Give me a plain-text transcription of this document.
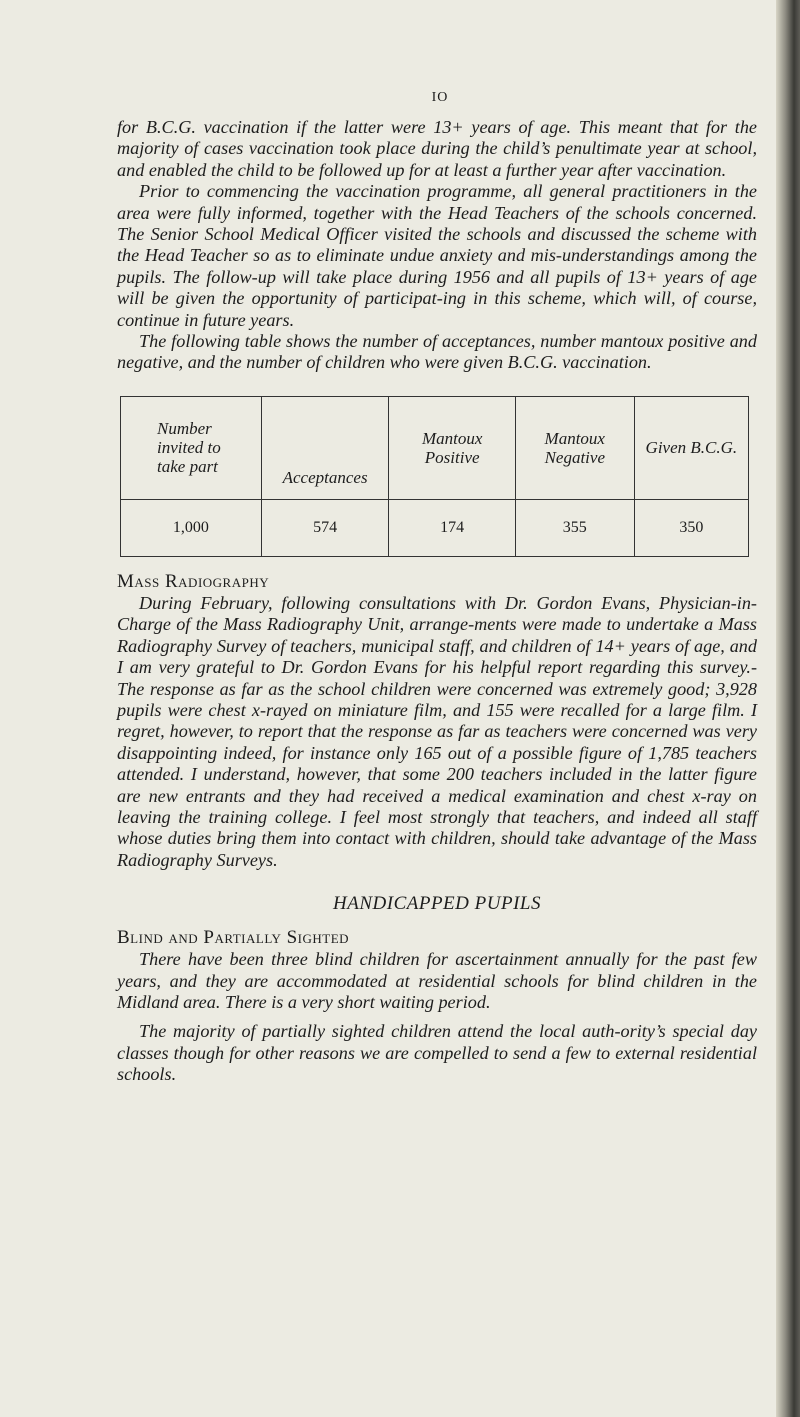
IO

for B.C.G. vaccination if the latter were 13+ years of age. This meant that for the majority of cases vaccination took place during the child’s penultimate year at school, and enabled the child to be followed up for at least a further year after vaccination.

Prior to commencing the vaccination programme, all general practitioners in the area were fully informed, together with the Head Teachers of the schools concerned. The Senior School Medical Officer visited the schools and discussed the scheme with the Head Teacher so as to eliminate undue anxiety and mis-understandings among the pupils. The follow-up will take place during 1956 and all pupils of 13+ years of age will be given the opportunity of participat-ing in this scheme, which will, of course, continue in future years.

The following table shows the number of acceptances, number mantoux positive and negative, and the number of children who were given B.C.G. vaccination.

Number invited to take part	Acceptances	Mantoux Positive	Mantoux Negative	Given B.C.G.
1,000	574	174	355	350
Mass Radiography

During February, following consultations with Dr. Gordon Evans, Physician-in-Charge of the Mass Radiography Unit, arrange-ments were made to undertake a Mass Radiography Survey of teachers, municipal staff, and children of 14+ years of age, and I am very grateful to Dr. Gordon Evans for his helpful report regarding this survey.- The response as far as the school children were concerned was extremely good; 3,928 pupils were chest x-rayed on miniature film, and 155 were recalled for a large film. I regret, however, to report that the response as far as teachers were concerned was very disappointing indeed, for instance only 165 out of a possible figure of 1,785 teachers attended. I understand, however, that some 200 teachers included in the latter figure are new entrants and they had received a medical examination and chest x-ray on leaving the training college. I feel most strongly that teachers, and indeed all staff whose duties bring them into contact with children, should take advantage of the Mass Radiography Surveys.

HANDICAPPED PUPILS
Blind and Partially Sighted

There have been three blind children for ascertainment annually for the past few years, and they are accommodated at residential schools for blind children in the Midland area. There is a very short waiting period.

The majority of partially sighted children attend the local auth-ority’s special day classes though for other reasons we are compelled to send a few to external residential schools.
